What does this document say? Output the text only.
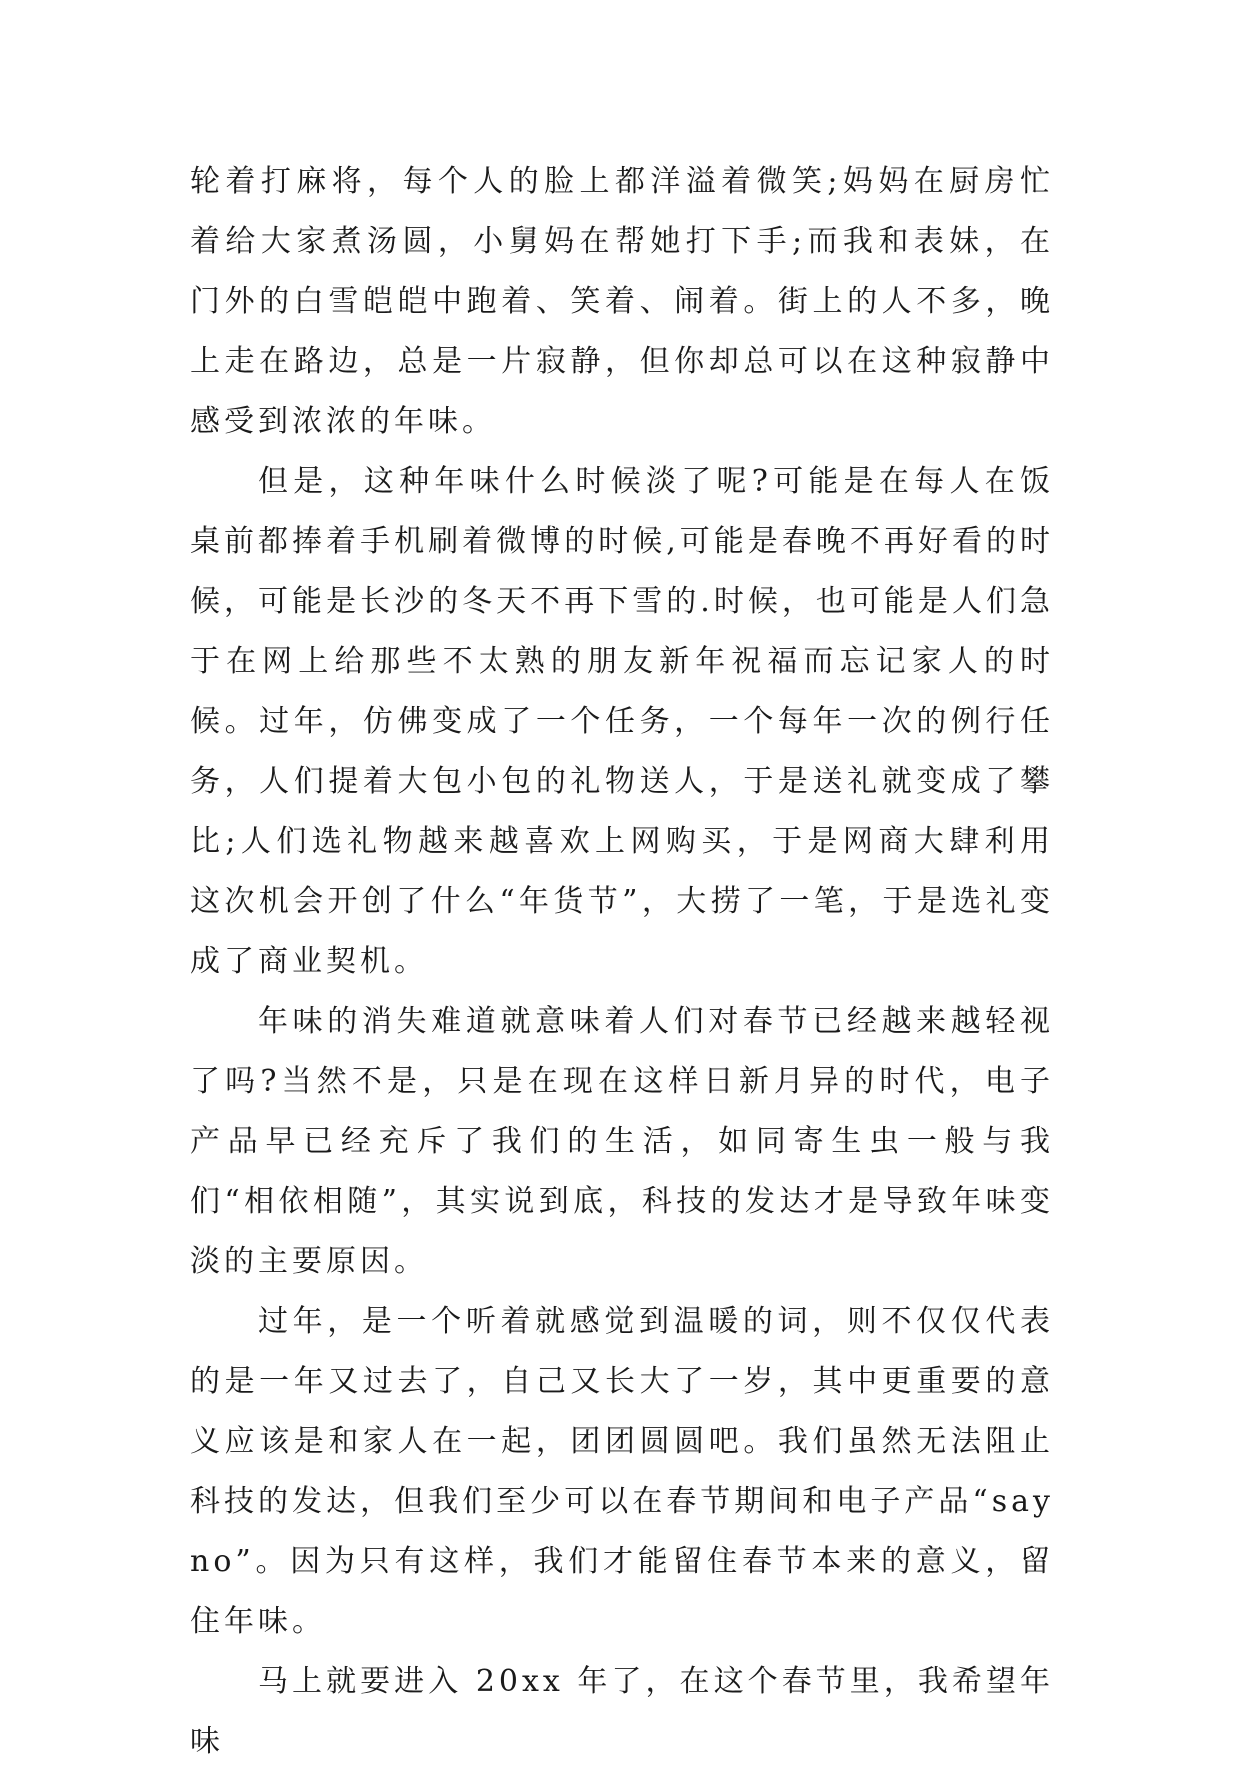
轮着打麻将，每个人的脸上都洋溢着微笑;妈妈在厨房忙着给大家煮汤圆，小舅妈在帮她打下手;而我和表妹，在门外的白雪皑皑中跑着、笑着、闹着。街上的人不多，晚上走在路边，总是一片寂静，但你却总可以在这种寂静中感受到浓浓的年味。

但是，这种年味什么时候淡了呢?可能是在每人在饭桌前都捧着手机刷着微博的时候,可能是春晚不再好看的时候，可能是长沙的冬天不再下雪的.时候，也可能是人们急于在网上给那些不太熟的朋友新年祝福而忘记家人的时候。过年，仿佛变成了一个任务，一个每年一次的例行任务，人们提着大包小包的礼物送人，于是送礼就变成了攀比;人们选礼物越来越喜欢上网购买，于是网商大肆利用这次机会开创了什么“年货节”，大捞了一笔，于是选礼变成了商业契机。

年味的消失难道就意味着人们对春节已经越来越轻视了吗?当然不是，只是在现在这样日新月异的时代，电子产品早已经充斥了我们的生活，如同寄生虫一般与我们“相依相随”，其实说到底，科技的发达才是导致年味变淡的主要原因。

过年，是一个听着就感觉到温暖的词，则不仅仅代表的是一年又过去了，自己又长大了一岁，其中更重要的意义应该是和家人在一起，团团圆圆吧。我们虽然无法阻止科技的发达，但我们至少可以在春节期间和电子产品“sayno”。因为只有这样，我们才能留住春节本来的意义，留住年味。

马上就要进入 20xx 年了，在这个春节里，我希望年味
